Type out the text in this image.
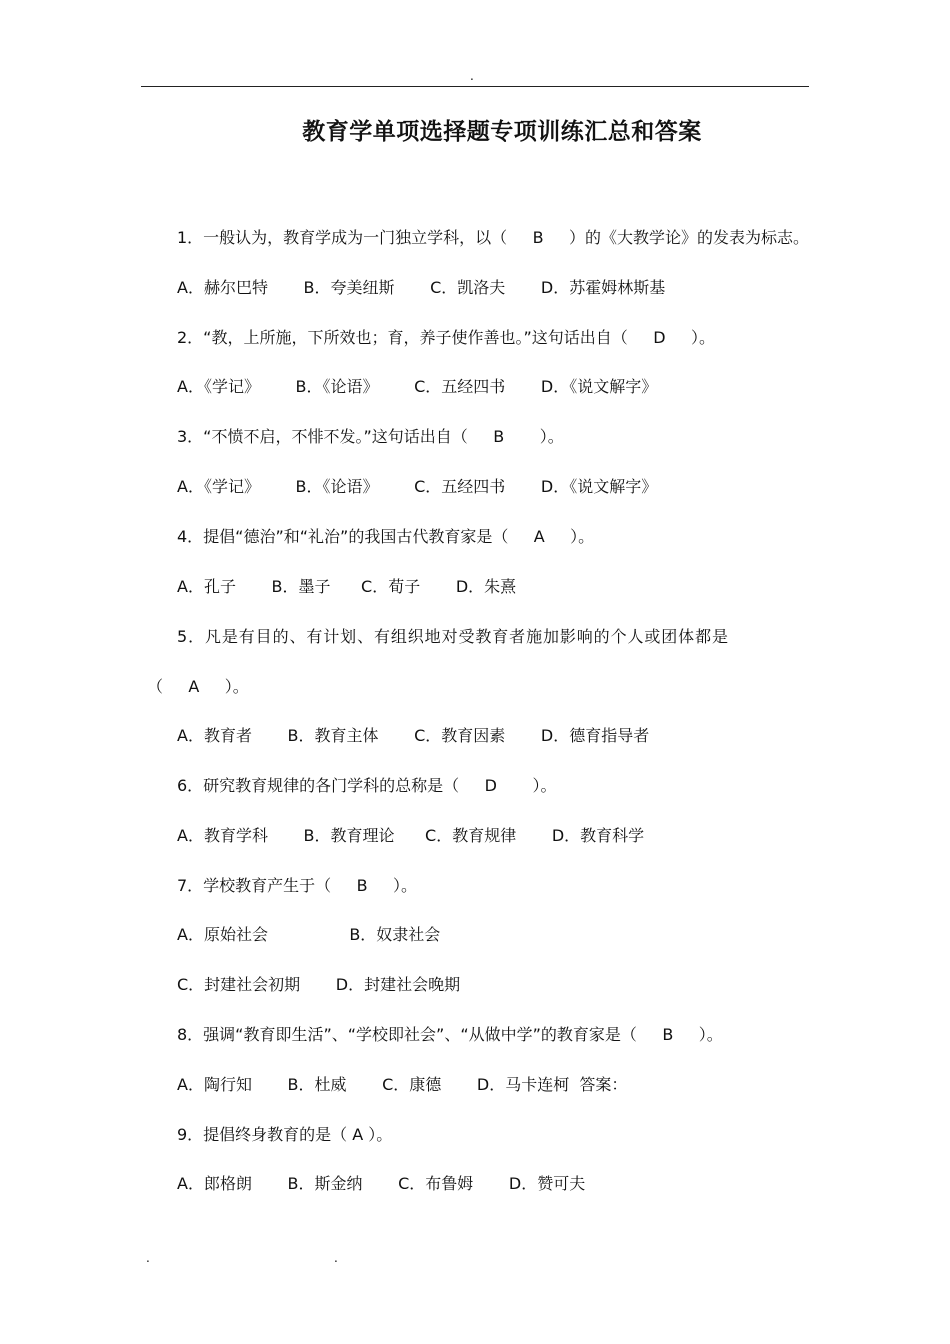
.
教育学单项选择题专项训练汇总和答案
1．一般认为，教育学成为一门独立学科，以（     B     ）的《大教学论》的发表为标志。
A．赫尔巴特       B．夸美纽斯       C．凯洛夫       D．苏霍姆林斯基
2．“教，上所施，下所效也；育，养子使作善也。”这句话出自（     D     ）。
A．《学记》       B．《论语》       C．五经四书       D．《说文解字》
3．“不愤不启，不悱不发。”这句话出自（     B       ）。
A．《学记》       B．《论语》       C．五经四书       D．《说文解字》
4．提倡“德治”和“礼治”的我国古代教育家是（     A     ）。
A．孔子       B．墨子      C．荀子       D．朱熹
5．凡是有目的、有计划、有组织地对受教育者施加影响的个人或团体都是
（     A     ）。
A．教育者       B．教育主体       C．教育因素       D．德育指导者
6．研究教育规律的各门学科的总称是（     D       ）。
A．教育学科       B．教育理论      C．教育规律       D．教育科学
7．学校教育产生于（     B     ）。
A．原始社会                B．奴隶社会
C．封建社会初期       D．封建社会晚期
8．强调“教育即生活”、“学校即社会”、“从做中学”的教育家是（     B     ）。
A．陶行知       B．杜威       C．康德       D．马卡连柯  答案：
9．提倡终身教育的是（ A ）。
A．郎格朗       B．斯金纳       C．布鲁姆       D．赞可夫
.	.
